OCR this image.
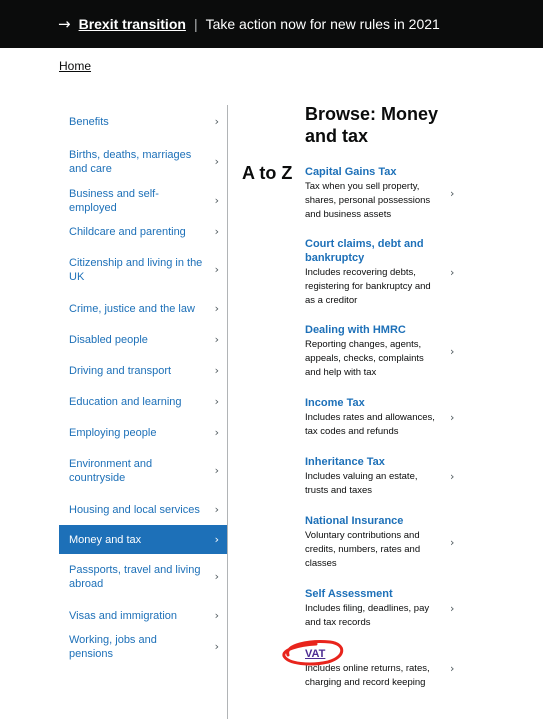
→ Brexit transition | Take action now for new rules in 2021
Home
Benefits	›
Births, deaths, marriages and care
›
Business and self-employed
›
Childcare and parenting	›
Citizenship and living in the UK
›
Crime, justice and the law ›
Disabled people	›
Driving and transport	›
Education and learning	›
Employing people	›
Environment and countryside
›
Housing and local services ›
Money and tax	›
Passports, travel and living abroad
›
Visas and immigration	›
Working, jobs and pensions
›
A to Z
Browse: Money and tax
Capital Gains Tax
Tax when you sell property, shares, personal possessions and business assets
›
Court claims, debt and bankruptcy
Includes recovering debts, registering for bankruptcy and as a creditor
›
Dealing with HMRC
Reporting changes, agents, appeals, checks, complaints and help with tax
›
Income Tax
Includes rates and allowances, tax codes and refunds
›
Inheritance Tax
Includes valuing an estate, trusts and taxes
›
National Insurance
Voluntary contributions and credits, numbers, rates and classes
›
Self Assessment
Includes filing, deadlines, pay and tax records
›
VAT
Includes online returns, rates, charging and record keeping
›
